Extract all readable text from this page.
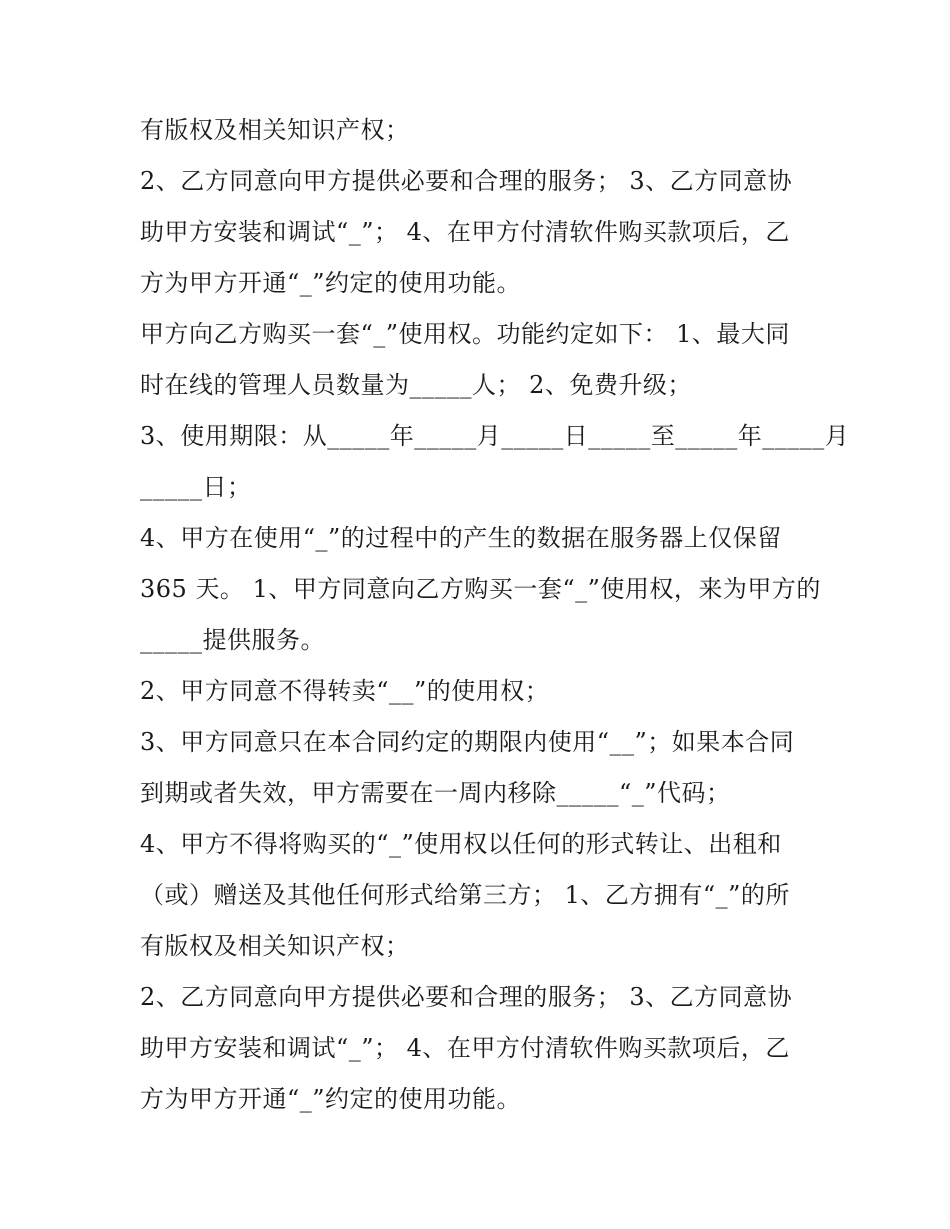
有版权及相关知识产权；
2、乙方同意向甲方提供必要和合理的服务； 3、乙方同意协
助甲方安装和调试“_”； 4、在甲方付清软件购买款项后，乙
方为甲方开通“_”约定的使用功能。
甲方向乙方购买一套“_”使用权。功能约定如下： 1、最大同
时在线的管理人员数量为_____人； 2、免费升级；
3、使用期限：从_____年_____月_____日_____至_____年_____月
_____日；
4、甲方在使用“_”的过程中的产生的数据在服务器上仅保留
365 天。 1、甲方同意向乙方购买一套“_”使用权，来为甲方的
_____提供服务。
2、甲方同意不得转卖“__”的使用权；
3、甲方同意只在本合同约定的期限内使用“__”；如果本合同
到期或者失效，甲方需要在一周内移除_____“_”代码；
4、甲方不得将购买的“_”使用权以任何的形式转让、出租和
（或）赠送及其他任何形式给第三方； 1、乙方拥有“_”的所
有版权及相关知识产权；
2、乙方同意向甲方提供必要和合理的服务； 3、乙方同意协
助甲方安装和调试“_”； 4、在甲方付清软件购买款项后，乙
方为甲方开通“_”约定的使用功能。
